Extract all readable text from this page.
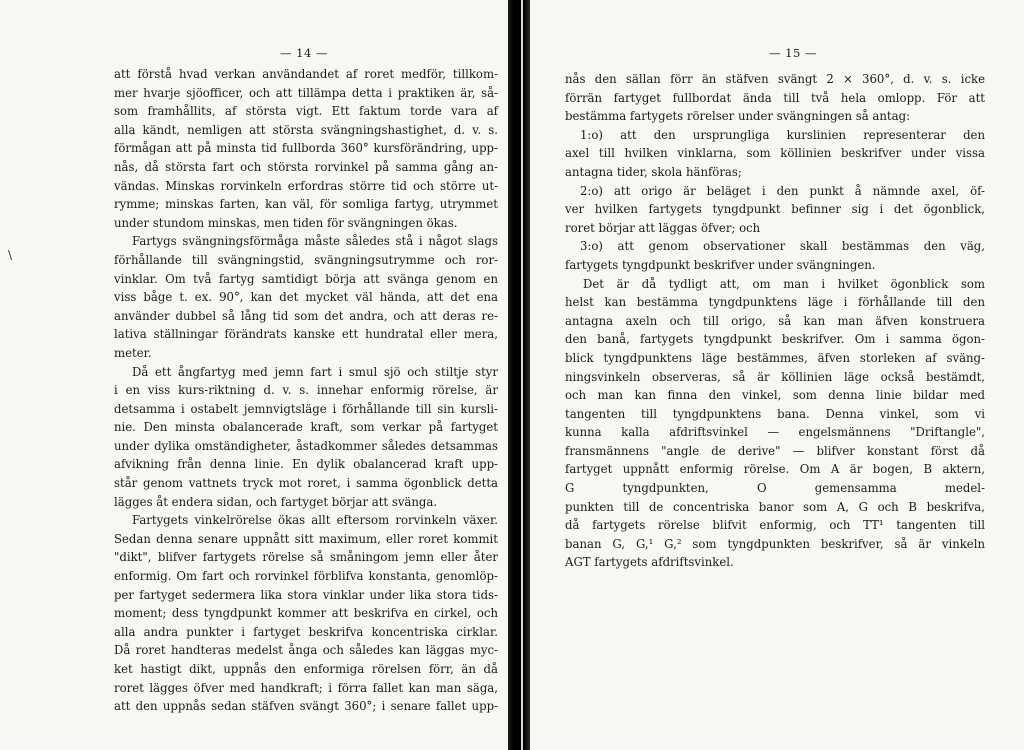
— 14 —
att förstå hvad verkan användandet af roret medför, tillkom-
mer hvarje sjöofficer, och att tillämpa detta i praktiken är, så-
som framhållits, af största vigt. Ett faktum torde vara af
alla kändt, nemligen att största svängningshastighet, d. v. s.
förmågan att på minsta tid fullborda 360° kursförändring, upp-
nås, då största fart och största rorvinkel på samma gång an-
vändas. Minskas rorvinkeln erfordras större tid och större ut-
rymme; minskas farten, kan väl, för somliga fartyg, utrymmet
under stundom minskas, men tiden för svängningen ökas.
Fartygs svängningsförmåga måste således stå i något slags
förhållande till svängningstid, svängningsutrymme och ror-
vinklar. Om två fartyg samtidigt börja att svänga genom en
viss båge t. ex. 90°, kan det mycket väl hända, att det ena
använder dubbel så lång tid som det andra, och att deras re-
lativa ställningar förändrats kanske ett hundratal eller mera,
meter.
Då ett ångfartyg med jemn fart i smul sjö och stiltje styr
i en viss kurs-riktning d. v. s. innehar enformig rörelse, är
detsamma i ostabelt jemnvigtsläge i förhållande till sin kursli-
nie. Den minsta obalancerade kraft, som verkar på fartyget
under dylika omständigheter, åstadkommer således detsammas
afvikning från denna linie. En dylik obalancerad kraft upp-
står genom vattnets tryck mot roret, i samma ögonblick detta
lägges åt endera sidan, och fartyget börjar att svänga.
Fartygets vinkelrörelse ökas allt eftersom rorvinkeln växer.
Sedan denna senare uppnått sitt maximum, eller roret kommit
"dikt", blifver fartygets rörelse så småningom jemn eller åter
enformig. Om fart och rorvinkel förblifva konstanta, genomlöp-
per fartyget sedermera lika stora vinklar under lika stora tids-
moment; dess tyngdpunkt kommer att beskrifva en cirkel, och
alla andra punkter i fartyget beskrifva koncentriska cirklar.
Då roret handteras medelst ånga och således kan läggas myc-
ket hastigt dikt, uppnås den enformiga rörelsen förr, än då
roret lägges öfver med handkraft; i förra fallet kan man säga,
att den uppnås sedan stäfven svängt 360°; i senare fallet upp-
\
— 15 —
nås den sällan förr än stäfven svängt 2 × 360°, d. v. s. icke
förrän fartyget fullbordat ända till två hela omlopp. För att
bestämma fartygets rörelser under svängningen så antag:
1:o) att den ursprungliga kurslinien representerar den
axel till hvilken vinklarna, som köllinien beskrifver under vissa
antagna tider, skola hänföras;
2:o) att origo är beläget i den punkt å nämnde axel, öf-
ver hvilken fartygets tyngdpunkt befinner sig i det ögonblick,
roret börjar att läggas öfver; och
3:o) att genom observationer skall bestämmas den väg,
fartygets tyngdpunkt beskrifver under svängningen.
Det är då tydligt att, om man i hvilket ögonblick som
helst kan bestämma tyngdpunktens läge i förhållande till den
antagna axeln och till origo, så kan man äfven konstruera
den banå, fartygets tyngdpunkt beskrifver. Om i samma ögon-
blick tyngdpunktens läge bestämmes, äfven storleken af sväng-
ningsvinkeln observeras, så är köllinien läge också bestämdt,
och man kan finna den vinkel, som denna linie bildar med
tangenten till tyngdpunktens bana. Denna vinkel, som vi
kunna kalla afdriftsvinkel — engelsmännens "Driftangle",
fransmännens "angle de derive" — blifver konstant först då
fartyget uppnått enformig rörelse. Om A är bogen, B aktern,
G tyngdpunkten, O gemensamma medel-
punkten till de concentriska banor som A, G och B beskrifva,
då fartygets rörelse blifvit enformig, och TT¹ tangenten till
banan G, G,¹ G,² som tyngdpunkten beskrifver, så är vinkeln
AGT fartygets afdriftsvinkel.
